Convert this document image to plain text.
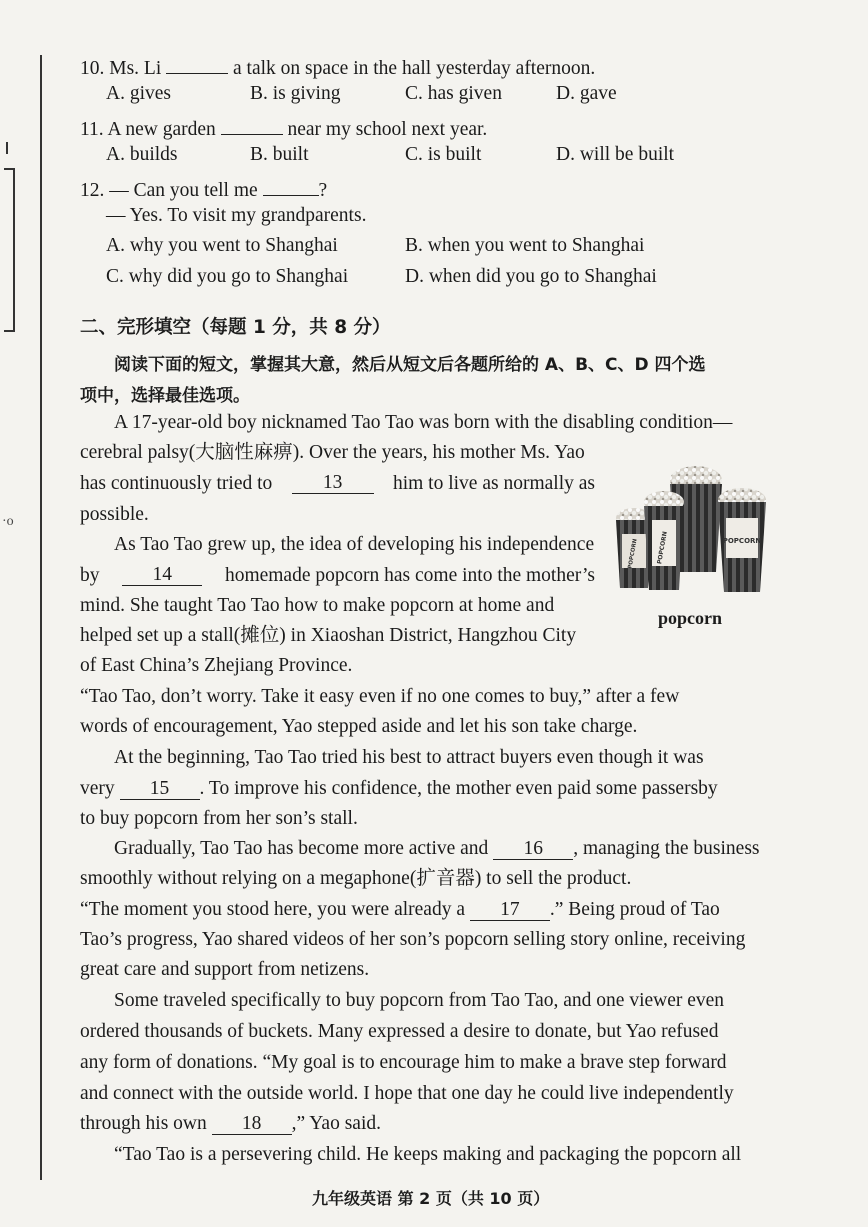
·o
10. Ms. Li	a talk on space in the hall yesterday afternoon.
A. gives	B. is giving	C. has given	D. gave
11. A new garden	near my school next year.
A. builds	B. built	C. is built	D. will be built
12. — Can you tell me	?
— Yes. To visit my grandparents.
A. why you went to Shanghai	B. when you went to Shanghai
C. why did you go to Shanghai	D. when did you go to Shanghai
二、完形填空（每题 1 分，共 8 分）
阅读下面的短文，掌握其大意，然后从短文后各题所给的 A、B、C、D 四个选
项中，选择最佳选项。
A 17-year-old boy nicknamed Tao Tao was born with the disabling condition—
cerebral palsy(大脑性麻痹). Over the years, his mother Ms. Yao
has continuously tried to	13	him to live as normally as
possible.
As Tao Tao grew up, the idea of developing his independence
by	14	homemade popcorn has come into the mother’s
mind. She taught Tao Tao how to make popcorn at home and
helped set up a stall(摊位) in Xiaoshan District, Hangzhou City
of East China’s Zhejiang Province.
“Tao Tao, don’t worry. Take it easy even if no one comes to buy,” after a few
words of encouragement, Yao stepped aside and let his son take charge.
At the beginning, Tao Tao tried his best to attract buyers even though it was
very 15 . To improve his confidence, the mother even paid some passersby
to buy popcorn from her son’s stall.
Gradually, Tao Tao has become more active and 16 , managing the business
smoothly without relying on a megaphone(扩音器) to sell the product.
“The moment you stood here, you were already a 17 .” Being proud of Tao
Tao’s progress, Yao shared videos of her son’s popcorn selling story online, receiving
great care and support from netizens.
Some traveled specifically to buy popcorn from Tao Tao, and one viewer even
ordered thousands of buckets. Many expressed a desire to donate, but Yao refused
any form of donations. “My goal is to encourage him to make a brave step forward
and connect with the outside world. I hope that one day he could live independently
through his own 18 ,” Yao said.
“Tao Tao is a persevering child. He keeps making and packaging the popcorn all
POPCORN
POPCORN
POPCORN
popcorn
九年级英语 第 2 页（共 10 页）
